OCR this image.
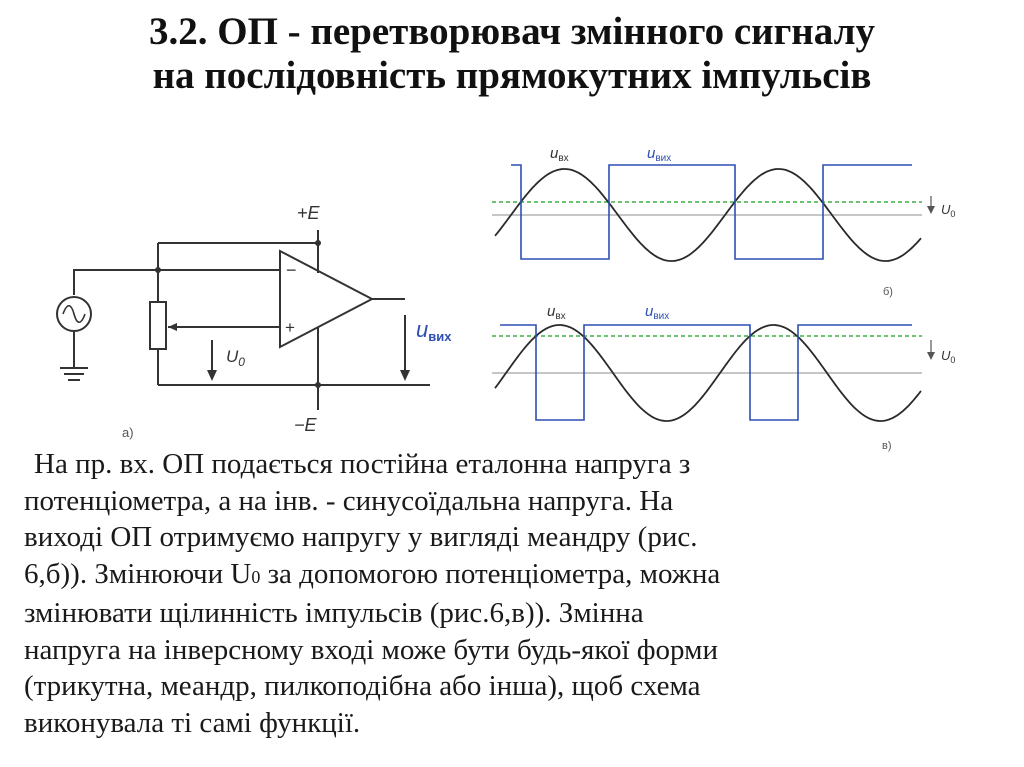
3.2. ОП - перетворювач змінного сигналу
на послідовність прямокутних імпульсів
+E
−E
−
+
$U_0$
uвих
а)
$u_{вх}$	$u_{вих}$
$U_0$
б)
$u_{вх}$	$u_{вих}$
$U_0$
в)
На пр. вх. ОП подається постійна еталонна напруга з
потенціометра, а на інв. - синусоїдальна напруга. На
виході ОП отримуємо напругу у вигляді меандру (рис.
6,б)). Змінюючи U0 за допомогою потенціометра, можна
змінювати щілинність імпульсів (рис.6,в)). Змінна
напруга на інверсному вході може бути будь-якої форми
(трикутна, меандр, пилкоподібна або інша), щоб схема
виконувала ті самі функції.
